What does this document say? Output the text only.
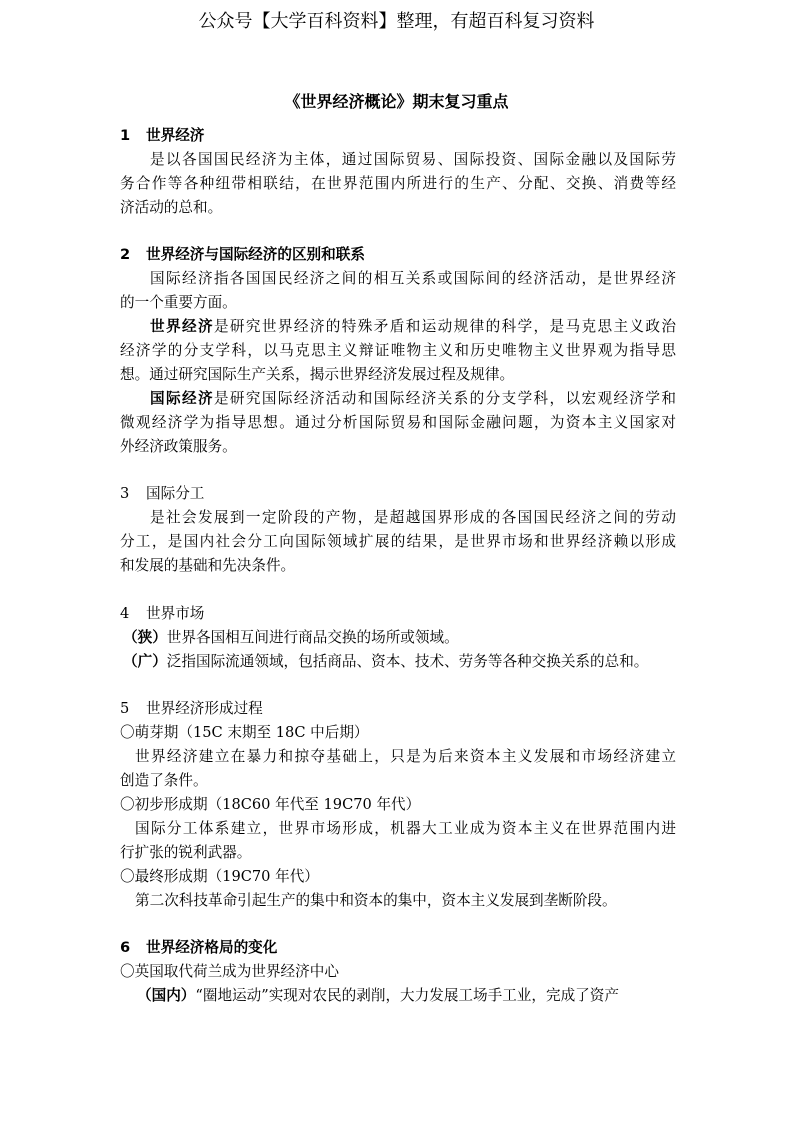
公众号【大学百科资料】整理，有超百科复习资料
《世界经济概论》期末复习重点
1 世界经济
是以各国国民经济为主体，通过国际贸易、国际投资、国际金融以及国际劳
务合作等各种纽带相联结，在世界范围内所进行的生产、分配、交换、消费等经
济活动的总和。
2 世界经济与国际经济的区别和联系
国际经济指各国国民经济之间的相互关系或国际间的经济活动，是世界经济
的一个重要方面。
世界经济是研究世界经济的特殊矛盾和运动规律的科学，是马克思主义政治
经济学的分支学科，以马克思主义辩证唯物主义和历史唯物主义世界观为指导思
想。通过研究国际生产关系，揭示世界经济发展过程及规律。
国际经济是研究国际经济活动和国际经济关系的分支学科，以宏观经济学和
微观经济学为指导思想。通过分析国际贸易和国际金融问题，为资本主义国家对
外经济政策服务。
3 国际分工
是社会发展到一定阶段的产物，是超越国界形成的各国国民经济之间的劳动
分工，是国内社会分工向国际领域扩展的结果，是世界市场和世界经济赖以形成
和发展的基础和先决条件。
4 世界市场
（狭）世界各国相互间进行商品交换的场所或领域。
（广）泛指国际流通领域，包括商品、资本、技术、劳务等各种交换关系的总和。
5 世界经济形成过程
〇萌芽期（15C 末期至 18C 中后期）
世界经济建立在暴力和掠夺基础上，只是为后来资本主义发展和市场经济建立
创造了条件。
〇初步形成期（18C60 年代至 19C70 年代）
国际分工体系建立，世界市场形成，机器大工业成为资本主义在世界范围内进
行扩张的锐利武器。
〇最终形成期（19C70 年代）
第二次科技革命引起生产的集中和资本的集中，资本主义发展到垄断阶段。
6 世界经济格局的变化
〇英国取代荷兰成为世界经济中心
（国内）“圈地运动”实现对农民的剥削，大力发展工场手工业，完成了资产
